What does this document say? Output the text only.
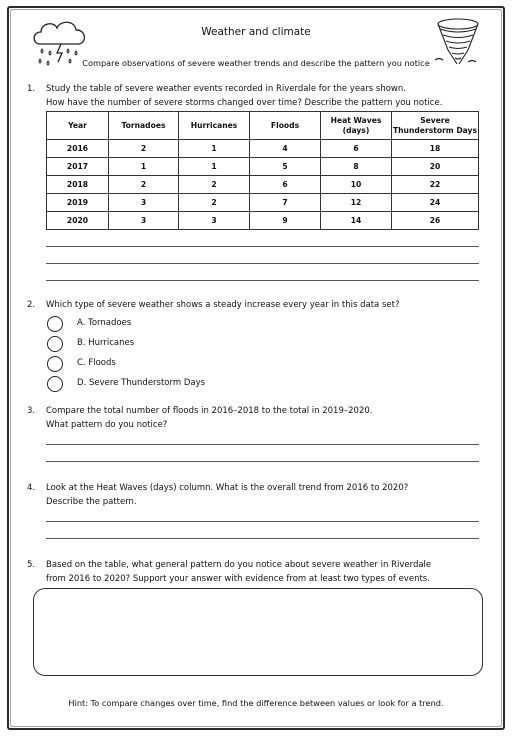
Weather and climate
Compare observations of severe weather trends and describe the pattern you notice
1. Study the table of severe weather events recorded in Riverdale for the years shown.
How have the number of severe storms changed over time? Describe the pattern you notice.
Year	Tornadoes	Hurricanes	Floods	Heat Waves (days)	Severe Thunderstorm Days
2016	2	1	4	6	18
2017	1	1	5	8	20
2018	2	2	6	10	22
2019	3	2	7	12	24
2020	3	3	9	14	26
2. Which type of severe weather shows a steady increase every year in this data set?
A. Tornadoes
B. Hurricanes
C. Floods
D. Severe Thunderstorm Days
3. Compare the total number of floods in 2016–2018 to the total in 2019–2020.
What pattern do you notice?
4. Look at the Heat Waves (days) column. What is the overall trend from 2016 to 2020?
Describe the pattern.
5. Based on the table, what general pattern do you notice about severe weather in Riverdale
from 2016 to 2020? Support your answer with evidence from at least two types of events.
Hint: To compare changes over time, find the difference between values or look for a trend.
